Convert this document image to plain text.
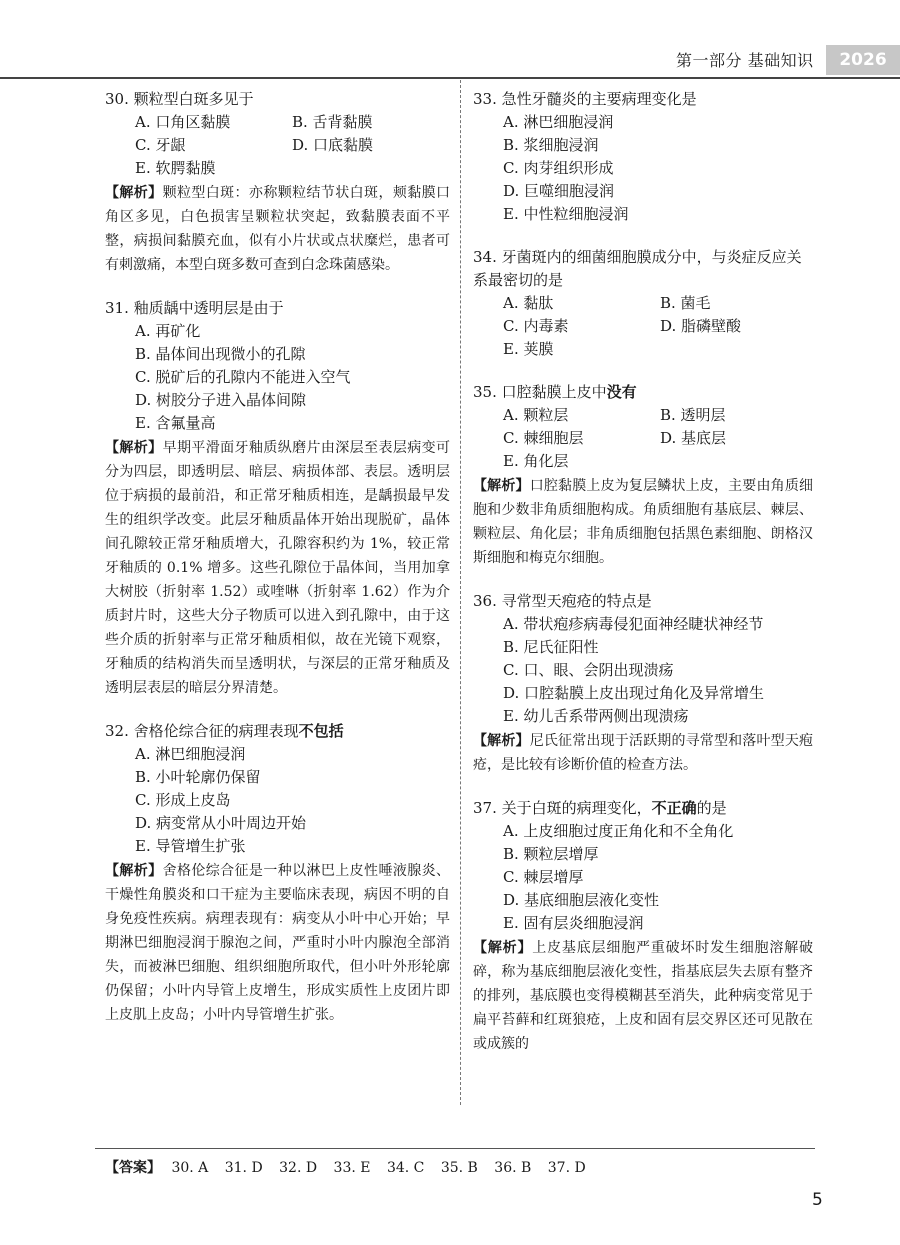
第一部分 基础知识	2026
30. 颗粒型白斑多见于
A. 口角区黏膜	B. 舌背黏膜
C. 牙龈	D. 口底黏膜
E. 软腭黏膜
【解析】颗粒型白斑：亦称颗粒结节状白斑，颊黏膜口角区多见，白色损害呈颗粒状突起，致黏膜表面不平整，病损间黏膜充血，似有小片状或点状糜烂，患者可有刺激痛，本型白斑多数可查到白念珠菌感染。
31. 釉质龋中透明层是由于
A. 再矿化
B. 晶体间出现微小的孔隙
C. 脱矿后的孔隙内不能进入空气
D. 树胶分子进入晶体间隙
E. 含氟量高
【解析】早期平滑面牙釉质纵磨片由深层至表层病变可分为四层，即透明层、暗层、病损体部、表层。透明层位于病损的最前沿，和正常牙釉质相连，是龋损最早发生的组织学改变。此层牙釉质晶体开始出现脱矿，晶体间孔隙较正常牙釉质增大，孔隙容积约为 1%，较正常牙釉质的 0.1% 增多。这些孔隙位于晶体间，当用加拿大树胶（折射率 1.52）或喹啉（折射率 1.62）作为介质封片时，这些大分子物质可以进入到孔隙中，由于这些介质的折射率与正常牙釉质相似，故在光镜下观察，牙釉质的结构消失而呈透明状，与深层的正常牙釉质及透明层表层的暗层分界清楚。
32. 舍格伦综合征的病理表现不包括
A. 淋巴细胞浸润
B. 小叶轮廓仍保留
C. 形成上皮岛
D. 病变常从小叶周边开始
E. 导管增生扩张
【解析】舍格伦综合征是一种以淋巴上皮性唾液腺炎、干燥性角膜炎和口干症为主要临床表现，病因不明的自身免疫性疾病。病理表现有：病变从小叶中心开始；早期淋巴细胞浸润于腺泡之间，严重时小叶内腺泡全部消失，而被淋巴细胞、组织细胞所取代，但小叶外形轮廓仍保留；小叶内导管上皮增生，形成实质性上皮团片即上皮肌上皮岛；小叶内导管增生扩张。
33. 急性牙髓炎的主要病理变化是
A. 淋巴细胞浸润
B. 浆细胞浸润
C. 肉芽组织形成
D. 巨噬细胞浸润
E. 中性粒细胞浸润
34. 牙菌斑内的细菌细胞膜成分中，与炎症反应关系最密切的是
A. 黏肽	B. 菌毛
C. 内毒素	D. 脂磷壁酸
E. 荚膜
35. 口腔黏膜上皮中没有
A. 颗粒层	B. 透明层
C. 棘细胞层	D. 基底层
E. 角化层
【解析】口腔黏膜上皮为复层鳞状上皮，主要由角质细胞和少数非角质细胞构成。角质细胞有基底层、棘层、颗粒层、角化层；非角质细胞包括黑色素细胞、朗格汉斯细胞和梅克尔细胞。
36. 寻常型天疱疮的特点是
A. 带状疱疹病毒侵犯面神经睫状神经节
B. 尼氏征阳性
C. 口、眼、会阴出现溃疡
D. 口腔黏膜上皮出现过角化及异常增生
E. 幼儿舌系带两侧出现溃疡
【解析】尼氏征常出现于活跃期的寻常型和落叶型天疱疮，是比较有诊断价值的检查方法。
37. 关于白斑的病理变化，不正确的是
A. 上皮细胞过度正角化和不全角化
B. 颗粒层增厚
C. 棘层增厚
D. 基底细胞层液化变性
E. 固有层炎细胞浸润
【解析】上皮基底层细胞严重破坏时发生细胞溶解破碎，称为基底细胞层液化变性，指基底层失去原有整齐的排列，基底膜也变得模糊甚至消失，此种病变常见于扁平苔藓和红斑狼疮，上皮和固有层交界区还可见散在或成簇的
【答案】 30. A 31. D 32. D 33. E 34. C 35. B 36. B 37. D
5
